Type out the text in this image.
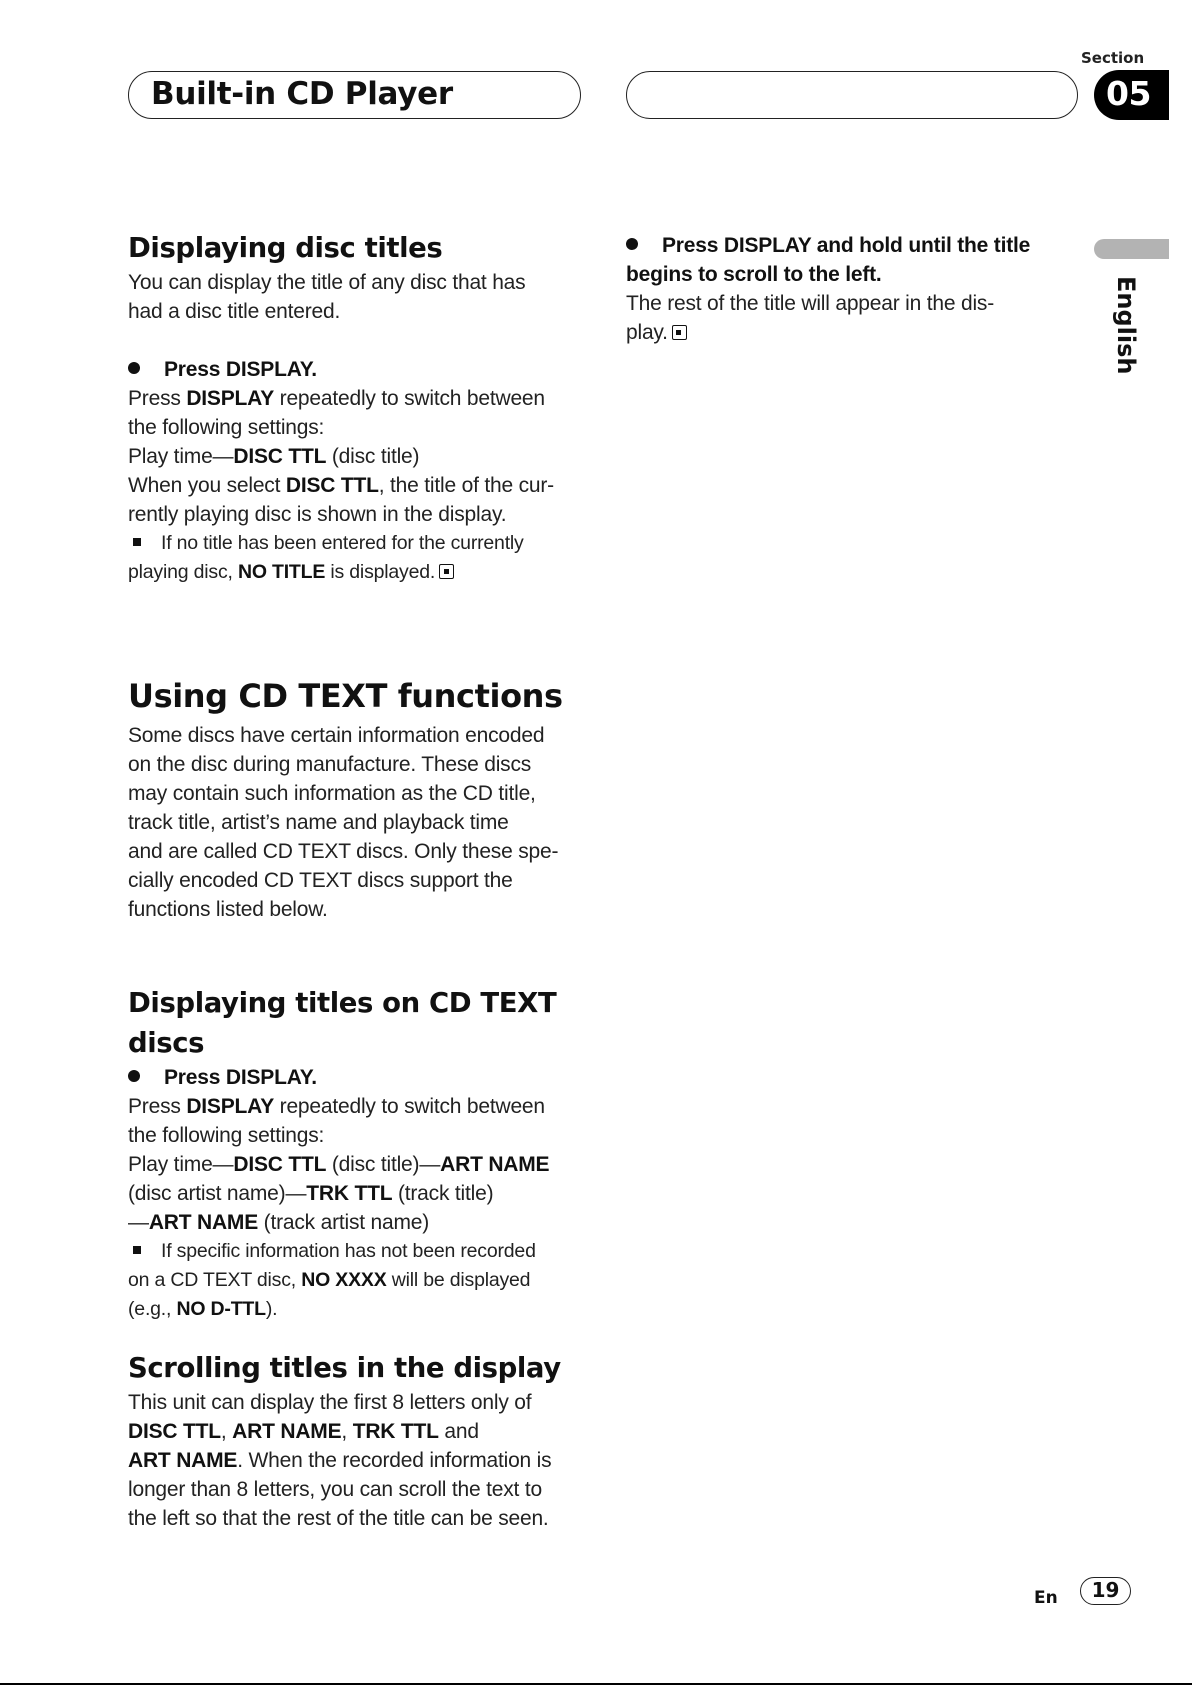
Built-in CD Player
Section
05
English
Displaying disc titles

You can display the title of any disc that has

had a disc title entered.

Press DISPLAY.

Press DISPLAY repeatedly to switch between

the following settings:

Play time—DISC TTL (disc title)

When you select DISC TTL, the title of the cur-

rently playing disc is shown in the display.

If no title has been entered for the currently

playing disc, NO TITLE is displayed.

Using CD TEXT functions

Some discs have certain information encoded

on the disc during manufacture. These discs

may contain such information as the CD title,

track title, artist’s name and playback time

and are called CD TEXT discs. Only these spe-

cially encoded CD TEXT discs support the

functions listed below.

Displaying titles on CD TEXT discs

Press DISPLAY.

Press DISPLAY repeatedly to switch between

the following settings:

Play time—DISC TTL (disc title)—ART NAME

(disc artist name)—TRK TTL (track title)

—ART NAME (track artist name)

If specific information has not been recorded

on a CD TEXT disc, NO XXXX will be displayed

(e.g., NO D-TTL).

Scrolling titles in the display

This unit can display the first 8 letters only of

DISC TTL, ART NAME, TRK TTL and

ART NAME. When the recorded information is

longer than 8 letters, you can scroll the text to

the left so that the rest of the title can be seen.

Press DISPLAY and hold until the title

begins to scroll to the left.

The rest of the title will appear in the dis-

play.

En	19
